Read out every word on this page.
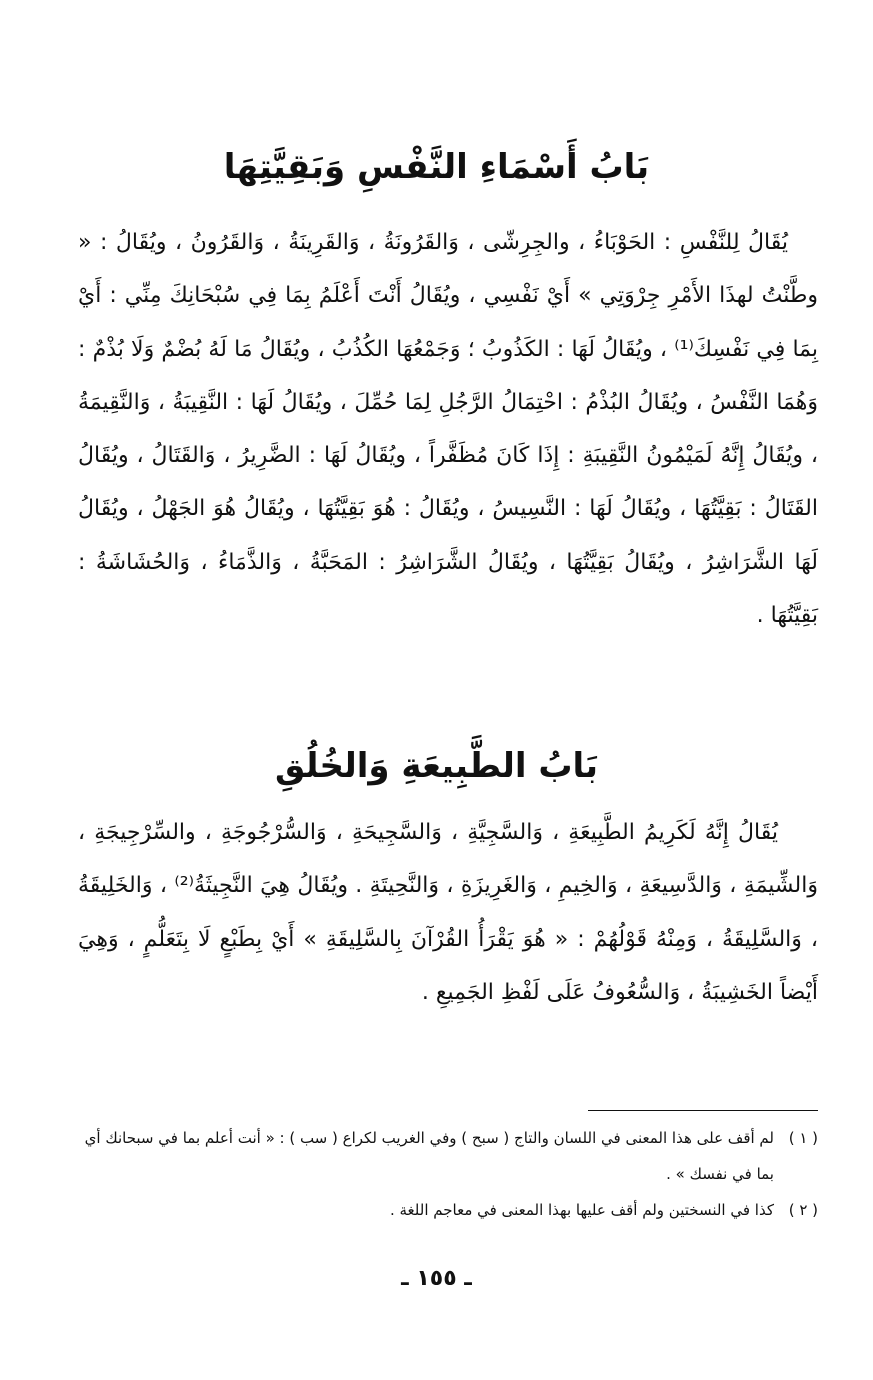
بَابُ أَسْمَاءِ النَّفْسِ وَبَقِيَّتِهَا

يُقَالُ لِلنَّفْسِ : الحَوْبَاءُ ، والجِرِشّى ، وَالقَرُونَةُ ، وَالقَرِينَةُ ، وَالقَرُونُ ، ويُقَالُ : « وطَّنْتُ لهذَا الأَمْرِ جِرْوَتِي » أَيْ نَفْسِي ، ويُقَالُ أَنْتَ أَعْلَمُ بِمَا فِي سُبْحَانِكَ مِنِّي : أَيْ بِمَا فِي نَفْسِكَ⁽¹⁾ ، ويُقَالُ لَهَا : الكَذُوبُ ؛ وَجَمْعُهَا الكُذُبُ ، ويُقَالُ مَا لَهُ بُضْمٌ وَلَا بُذْمٌ : وَهُمَا النَّفْسُ ، ويُقَالُ البُذْمُ : احْتِمَالُ الرَّجُلِ لِمَا حُمِّلَ ، ويُقَالُ لَهَا : النَّقِيبَةُ ، وَالنَّقِيمَةُ ، ويُقَالُ إِنَّهُ لَمَيْمُونُ النَّقِيبَةِ : إِذَا كَانَ مُظَفَّراً ، ويُقَالُ لَهَا : الضَّرِيرُ ، وَالقَتَالُ ، ويُقَالُ القَتَالُ : بَقِيَّتُهَا ، ويُقَالُ لَهَا : النَّسِيسُ ، ويُقَالُ : هُوَ بَقِيَّتُهَا ، ويُقَالُ هُوَ الجَهْلُ ، ويُقَالُ لَهَا الشَّرَاشِرُ ، ويُقَالُ بَقِيَّتُهَا ، ويُقَالُ الشَّرَاشِرُ : المَحَبَّةُ ، وَالذَّمَاءُ ، وَالحُشَاشَةُ : بَقِيَّتُهَا .

بَابُ الطَّبِيعَةِ وَالخُلُقِ

يُقَالُ إِنَّهُ لَكَرِيمُ الطَّبِيعَةِ ، وَالسَّجِيَّةِ ، وَالسَّجِيحَةِ ، وَالسُّرْجُوجَةِ ، والسِّرْجِيجَةِ ، وَالشِّيمَةِ ، وَالدَّسِيعَةِ ، وَالخِيمِ ، وَالغَرِيزَةِ ، وَالنَّحِيتَةِ . ويُقَالُ هِيَ النَّجِيثَةُ⁽²⁾ ، وَالخَلِيقَةُ ، وَالسَّلِيقَةُ ، وَمِنْهُ قَوْلُهُمْ : « هُوَ يَقْرَأُ القُرْآنَ بِالسَّلِيقَةِ » أَيْ بِطَبْعٍ لَا بِتَعَلُّمٍ ، وَهِيَ أَيْضاً الخَشِيبَةُ ، وَالسُّعُوفُ عَلَى لَفْظِ الجَمِيعِ .

( ١ )
لم أقف على هذا المعنى في اللسان والتاج ( سبح ) وفي الغريب لكراع ( سب ) : « أنت أعلم بما في سبحانك أي بما في نفسك » .
( ٢ )
كذا في النسختين ولم أقف عليها بهذا المعنى في معاجم اللغة .
ـ ١٥٥ ـ
